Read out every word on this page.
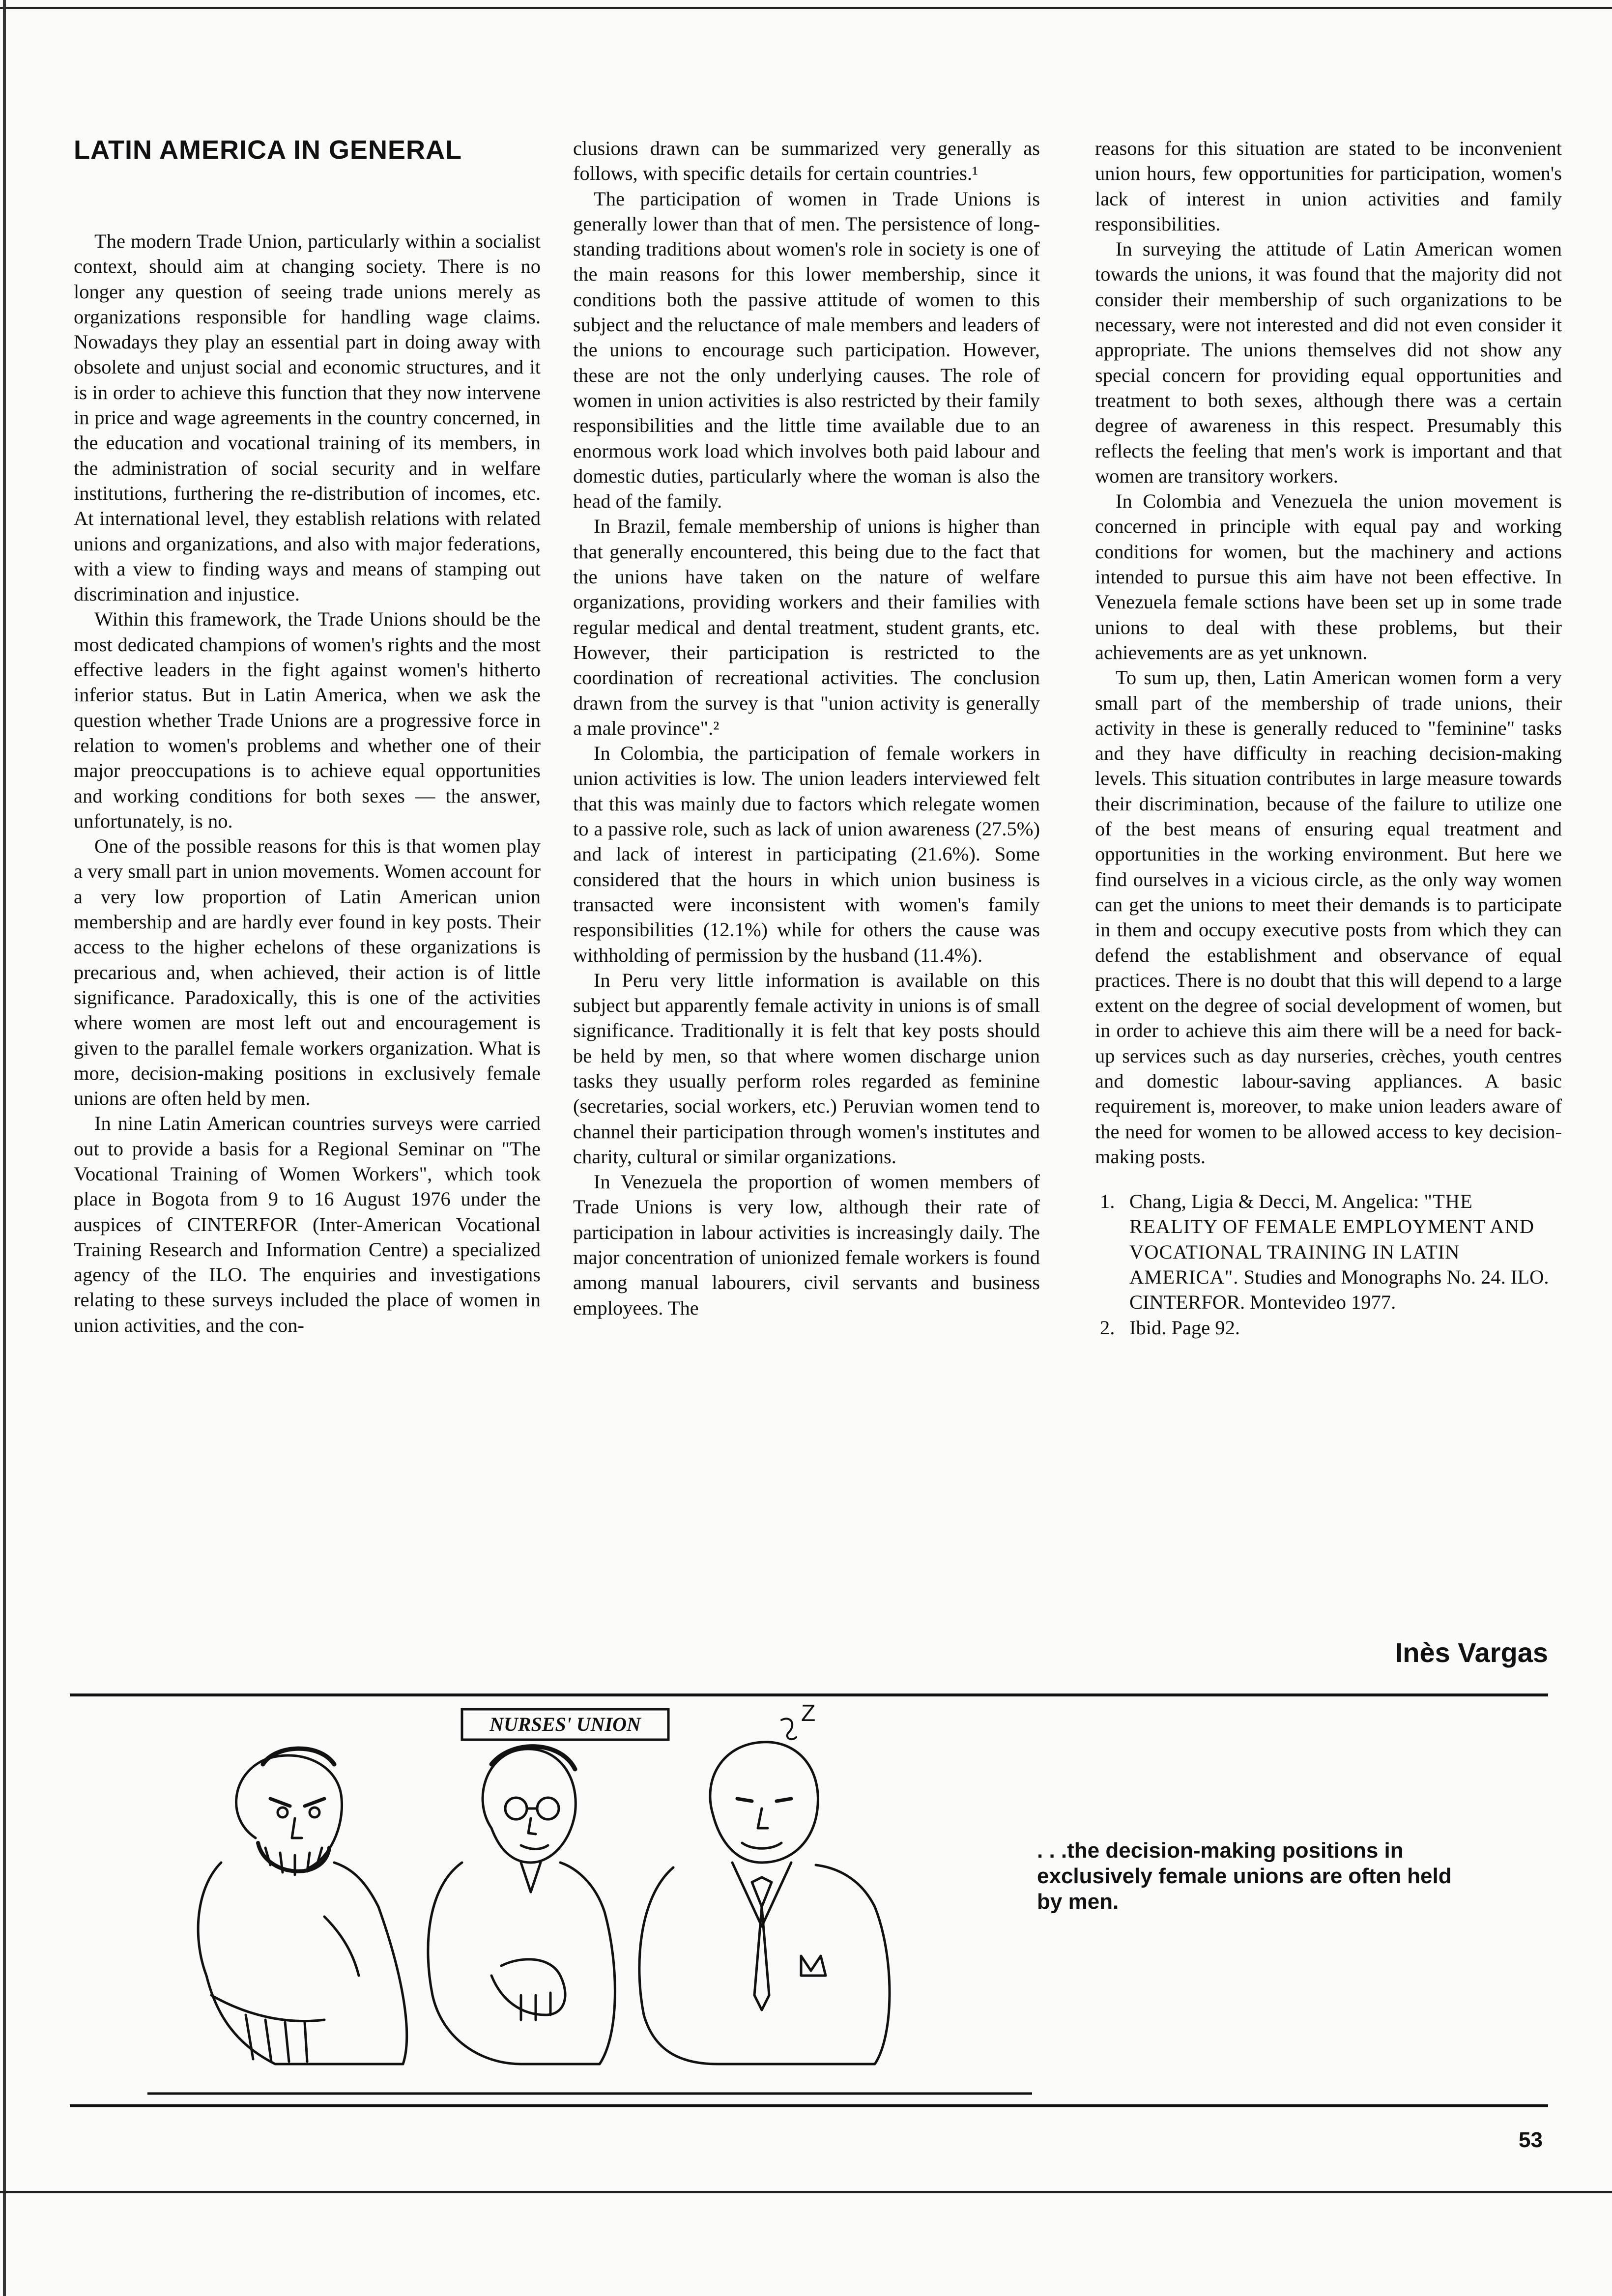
LATIN AMERICA IN GENERAL

The modern Trade Union, particularly within a socialist context, should aim at changing society. There is no longer any question of seeing trade unions merely as organizations responsible for handling wage claims. Nowadays they play an essential part in doing away with obsolete and unjust social and economic structures, and it is in order to achieve this function that they now intervene in price and wage agreements in the country concerned, in the education and vocational training of its members, in the administration of social security and in welfare institutions, furthering the re-distribution of incomes, etc. At international level, they establish relations with related unions and organizations, and also with major federations, with a view to finding ways and means of stamping out discrimination and injustice.

Within this framework, the Trade Unions should be the most dedicated champions of women's rights and the most effective leaders in the fight against women's hitherto inferior status. But in Latin America, when we ask the question whether Trade Unions are a progressive force in relation to women's problems and whether one of their major preoccupations is to achieve equal opportunities and working conditions for both sexes — the answer, unfortunately, is no.

One of the possible reasons for this is that women play a very small part in union movements. Women account for a very low proportion of Latin American union membership and are hardly ever found in key posts. Their access to the higher echelons of these organizations is precarious and, when achieved, their action is of little significance. Paradoxically, this is one of the activities where women are most left out and encouragement is given to the parallel female workers organization. What is more, decision-making positions in exclusively female unions are often held by men.

In nine Latin American countries surveys were carried out to provide a basis for a Regional Seminar on "The Vocational Training of Women Workers", which took place in Bogota from 9 to 16 August 1976 under the auspices of CINTERFOR (Inter-American Vocational Training Research and Information Centre) a specialized agency of the ILO. The enquiries and investigations relating to these surveys included the place of women in union activities, and the con-

clusions drawn can be summarized very generally as follows, with specific details for certain countries.¹

The participation of women in Trade Unions is generally lower than that of men. The persistence of long-standing traditions about women's role in society is one of the main reasons for this lower membership, since it conditions both the passive attitude of women to this subject and the reluctance of male members and leaders of the unions to encourage such participation. However, these are not the only underlying causes. The role of women in union activities is also restricted by their family responsibilities and the little time available due to an enormous work load which involves both paid labour and domestic duties, particularly where the woman is also the head of the family.

In Brazil, female membership of unions is higher than that generally encountered, this being due to the fact that the unions have taken on the nature of welfare organizations, providing workers and their families with regular medical and dental treatment, student grants, etc. However, their participation is restricted to the coordination of recreational activities. The conclusion drawn from the survey is that "union activity is generally a male province".²

In Colombia, the participation of female workers in union activities is low. The union leaders interviewed felt that this was mainly due to factors which relegate women to a passive role, such as lack of union awareness (27.5%) and lack of interest in participating (21.6%). Some considered that the hours in which union business is transacted were inconsistent with women's family responsibilities (12.1%) while for others the cause was withholding of permission by the husband (11.4%).

In Peru very little information is available on this subject but apparently female activity in unions is of small significance. Traditionally it is felt that key posts should be held by men, so that where women discharge union tasks they usually perform roles regarded as feminine (secretaries, social workers, etc.) Peruvian women tend to channel their participation through women's institutes and charity, cultural or similar organizations.

In Venezuela the proportion of women members of Trade Unions is very low, although their rate of participation in labour activities is increasingly daily. The major concentration of unionized female workers is found among manual labourers, civil servants and business employees. The

reasons for this situation are stated to be inconvenient union hours, few opportunities for participation, women's lack of interest in union activities and family responsibilities.

In surveying the attitude of Latin American women towards the unions, it was found that the majority did not consider their membership of such organizations to be necessary, were not interested and did not even consider it appropriate. The unions themselves did not show any special concern for providing equal opportunities and treatment to both sexes, although there was a certain degree of awareness in this respect. Presumably this reflects the feeling that men's work is important and that women are transitory workers.

In Colombia and Venezuela the union movement is concerned in principle with equal pay and working conditions for women, but the machinery and actions intended to pursue this aim have not been effective. In Venezuela female sctions have been set up in some trade unions to deal with these problems, but their achievements are as yet unknown.

To sum up, then, Latin American women form a very small part of the membership of trade unions, their activity in these is generally reduced to "feminine" tasks and they have difficulty in reaching decision-making levels. This situation contributes in large measure towards their discrimination, because of the failure to utilize one of the best means of ensuring equal treatment and opportunities in the working environment. But here we find ourselves in a vicious circle, as the only way women can get the unions to meet their demands is to participate in them and occupy executive posts from which they can defend the establishment and observance of equal practices. There is no doubt that this will depend to a large extent on the degree of social development of women, but in order to achieve this aim there will be a need for back-up services such as day nurseries, crèches, youth centres and domestic labour-saving appliances. A basic requirement is, moreover, to make union leaders aware of the need for women to be allowed access to key decision-making posts.

1. Chang, Ligia & Decci, M. Angelica: "THE REALITY OF FEMALE EMPLOYMENT AND VOCATIONAL TRAINING IN LATIN AMERICA". Studies and Monographs No. 24. ILO. CINTERFOR. Montevideo 1977.
2. Ibid. Page 92.
Inès Vargas
NURSES' UNION	Z
. . .the decision-making positions in exclusively female unions are often held by men.
53
